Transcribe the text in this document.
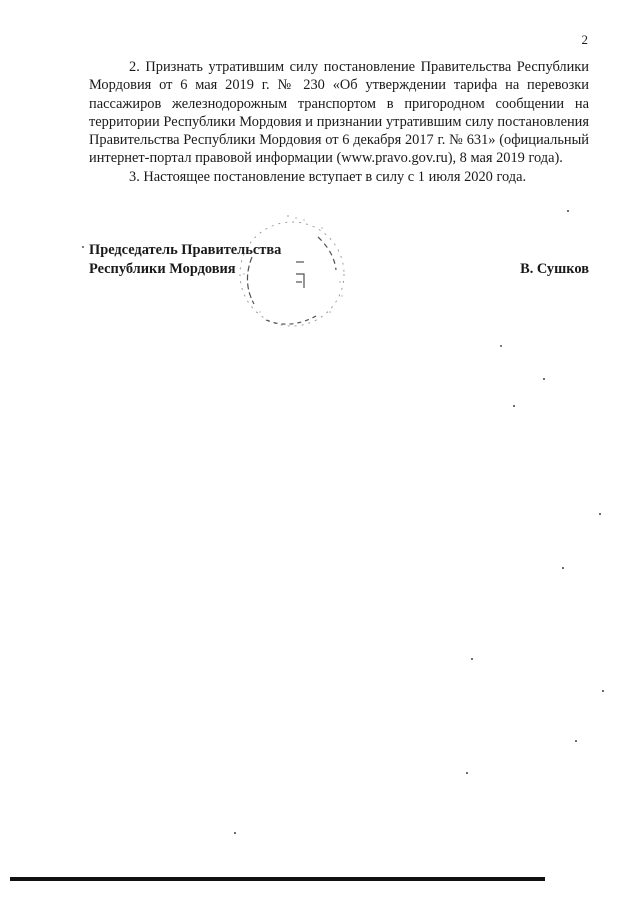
2

2. Признать утратившим силу постановление Правительства Республики Мордовия от 6 мая 2019 г. № 230 «Об утверждении тарифа на перевозки пассажиров железнодорожным транспортом в пригородном сообщении на территории Республики Мордовия и признании утратившим силу постановления Правительства Республики Мордовия от 6 декабря 2017 г. № 631» (официальный интернет-портал правовой информации (www.pravo.gov.ru), 8 мая 2019 года).

3. Настоящее постановление вступает в силу с 1 июля 2020 года.

Председатель Правительства
Республики Мордовия	В. Сушков
